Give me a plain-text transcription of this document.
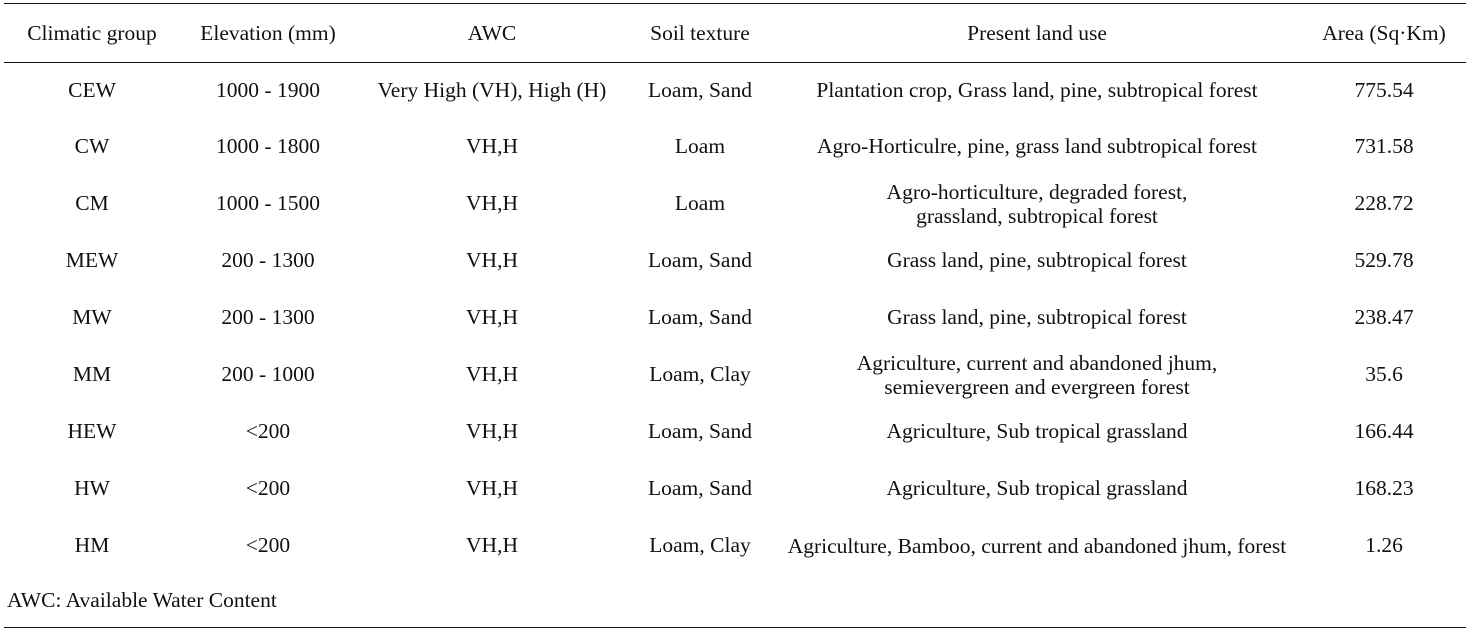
Climatic group	Elevation (mm)	AWC	Soil texture	Present land use	Area (Sq·Km)
CEW	1000 - 1900	Very High (VH), High (H)	Loam, Sand	Plantation crop, Grass land, pine, subtropical forest	775.54
CW	1000 - 1800	VH,H	Loam	Agro-Horticulre, pine, grass land subtropical forest	731.58
CM	1000 - 1500	VH,H	Loam	Agro-horticulture, degraded forest, grassland, subtropical forest	228.72
MEW	200 - 1300	VH,H	Loam, Sand	Grass land, pine, subtropical forest	529.78
MW	200 - 1300	VH,H	Loam, Sand	Grass land, pine, subtropical forest	238.47
MM	200 - 1000	VH,H	Loam, Clay	Agriculture, current and abandoned jhum, semievergreen and evergreen forest	35.6
HEW	<200	VH,H	Loam, Sand	Agriculture, Sub tropical grassland	166.44
HW	<200	VH,H	Loam, Sand	Agriculture, Sub tropical grassland	168.23
HM	<200	VH,H	Loam, Clay	Agriculture, Bamboo, current and abandoned jhum, forest	1.26
AWC: Available Water Content
